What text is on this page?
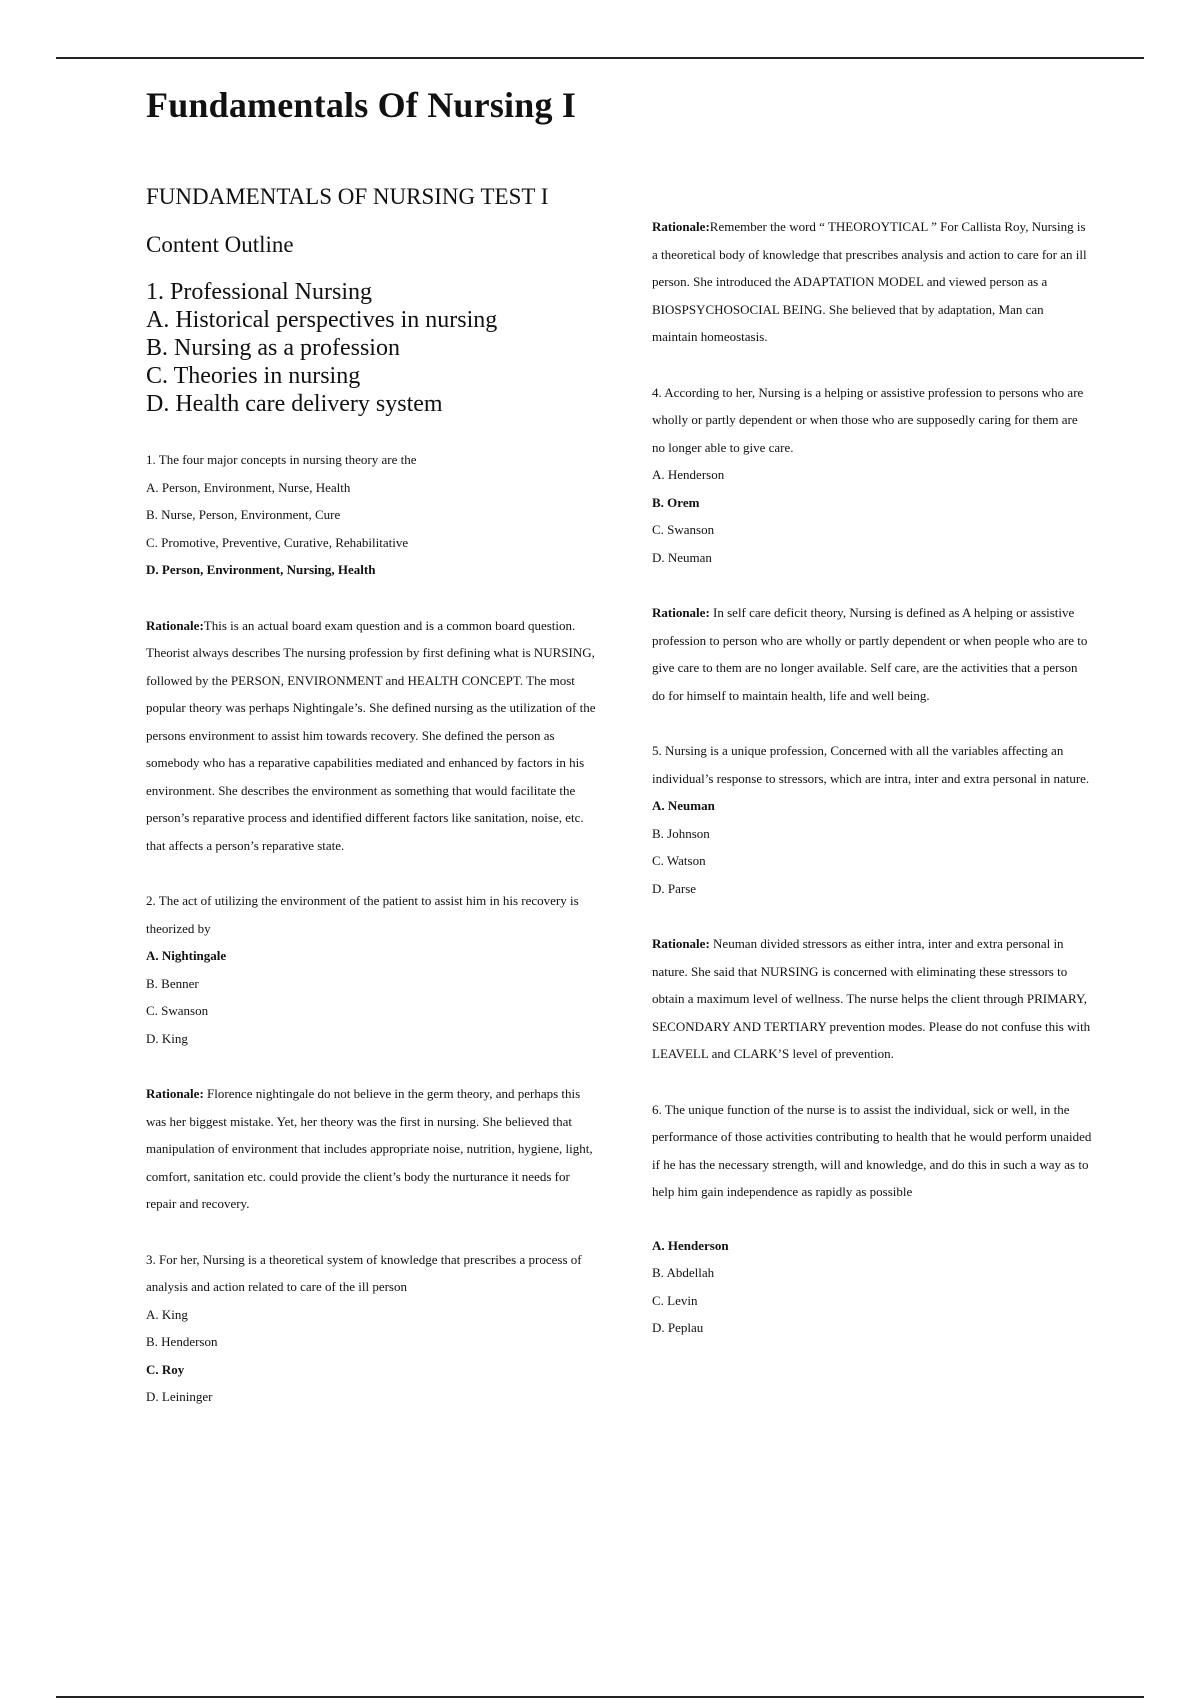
Fundamentals Of Nursing I
FUNDAMENTALS OF NURSING TEST I
Content Outline
1. Professional Nursing
A. Historical perspectives in nursing
B. Nursing as a profession
C. Theories in nursing
D. Health care delivery system

1. The four major concepts in nursing theory are the

A. Person, Environment, Nurse, Health
B. Nurse, Person, Environment, Cure
C. Promotive, Preventive, Curative, Rehabilitative
D. Person, Environment, Nursing, Health

Rationale:This is an actual board exam question and is a common board question. Theorist always describes The nursing profession by first defining what is NURSING, followed by the PERSON, ENVIRONMENT and HEALTH CONCEPT. The most popular theory was perhaps Nightingale’s. She defined nursing as the utilization of the persons environment to assist him towards recovery. She defined the person as somebody who has a reparative capabilities mediated and enhanced by factors in his environment. She describes the environment as something that would facilitate the person’s reparative process and identified different factors like sanitation, noise, etc. that affects a person’s reparative state.

2. The act of utilizing the environment of the patient to assist him in his recovery is theorized by

A. Nightingale
B. Benner
C. Swanson
D. King

Rationale: Florence nightingale do not believe in the germ theory, and perhaps this was her biggest mistake. Yet, her theory was the first in nursing. She believed that manipulation of environment that includes appropriate noise, nutrition, hygiene, light, comfort, sanitation etc. could provide the client’s body the nurturance it needs for repair and recovery.

3. For her, Nursing is a theoretical system of knowledge that prescribes a process of analysis and action related to care of the ill person

A. King
B. Henderson
C. Roy
D. Leininger

Rationale:Remember the word “ THEOROYTICAL ” For Callista Roy, Nursing is a theoretical body of knowledge that prescribes analysis and action to care for an ill person. She introduced the ADAPTATION MODEL and viewed person as a BIOSPSYCHOSOCIAL BEING. She believed that by adaptation, Man can maintain homeostasis.

4. According to her, Nursing is a helping or assistive profession to persons who are wholly or partly dependent or when those who are supposedly caring for them are no longer able to give care.

A. Henderson
B. Orem
C. Swanson
D. Neuman

Rationale: In self care deficit theory, Nursing is defined as A helping or assistive profession to person who are wholly or partly dependent or when people who are to give care to them are no longer available. Self care, are the activities that a person do for himself to maintain health, life and well being.

5. Nursing is a unique profession, Concerned with all the variables affecting an individual’s response to stressors, which are intra, inter and extra personal in nature.

A. Neuman
B. Johnson
C. Watson
D. Parse

Rationale: Neuman divided stressors as either intra, inter and extra personal in nature. She said that NURSING is concerned with eliminating these stressors to obtain a maximum level of wellness. The nurse helps the client through PRIMARY, SECONDARY AND TERTIARY prevention modes. Please do not confuse this with LEAVELL and CLARK’S level of prevention.

6. The unique function of the nurse is to assist the individual, sick or well, in the performance of those activities contributing to health that he would perform unaided if he has the necessary strength, will and knowledge, and do this in such a way as to help him gain independence as rapidly as possible

A. Henderson
B. Abdellah
C. Levin
D. Peplau
